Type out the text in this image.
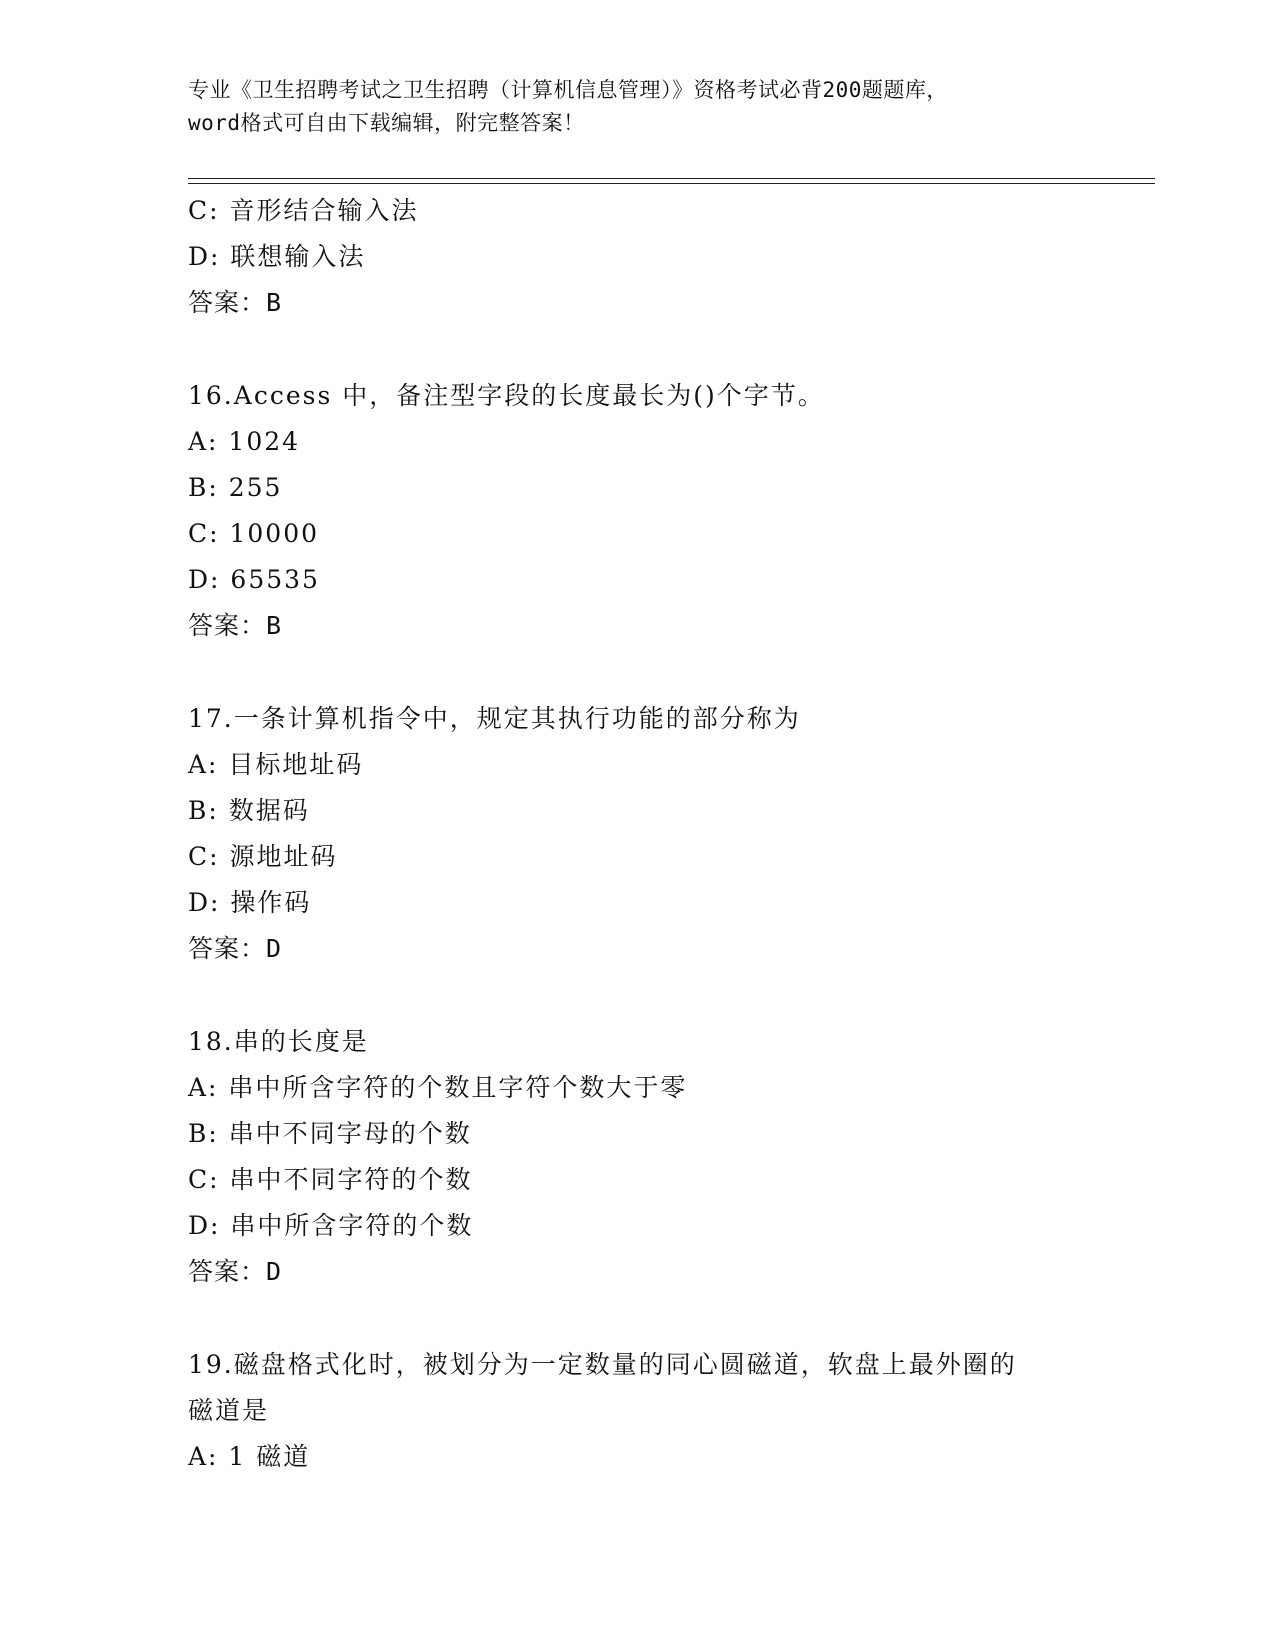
专业《卫生招聘考试之卫生招聘（计算机信息管理）》资格考试必背200题题库，
word格式可自由下载编辑，附完整答案！
C: 音形结合输入法
D: 联想输入法
答案：B
16.Access 中，备注型字段的长度最长为()个字节。
A: 1024
B: 255
C: 10000
D: 65535
答案：B
17.一条计算机指令中，规定其执行功能的部分称为
A: 目标地址码
B: 数据码
C: 源地址码
D: 操作码
答案：D
18.串的长度是
A: 串中所含字符的个数且字符个数大于零
B: 串中不同字母的个数
C: 串中不同字符的个数
D: 串中所含字符的个数
答案：D
19.磁盘格式化时，被划分为一定数量的同心圆磁道，软盘上最外圈的
磁道是
A: 1 磁道
